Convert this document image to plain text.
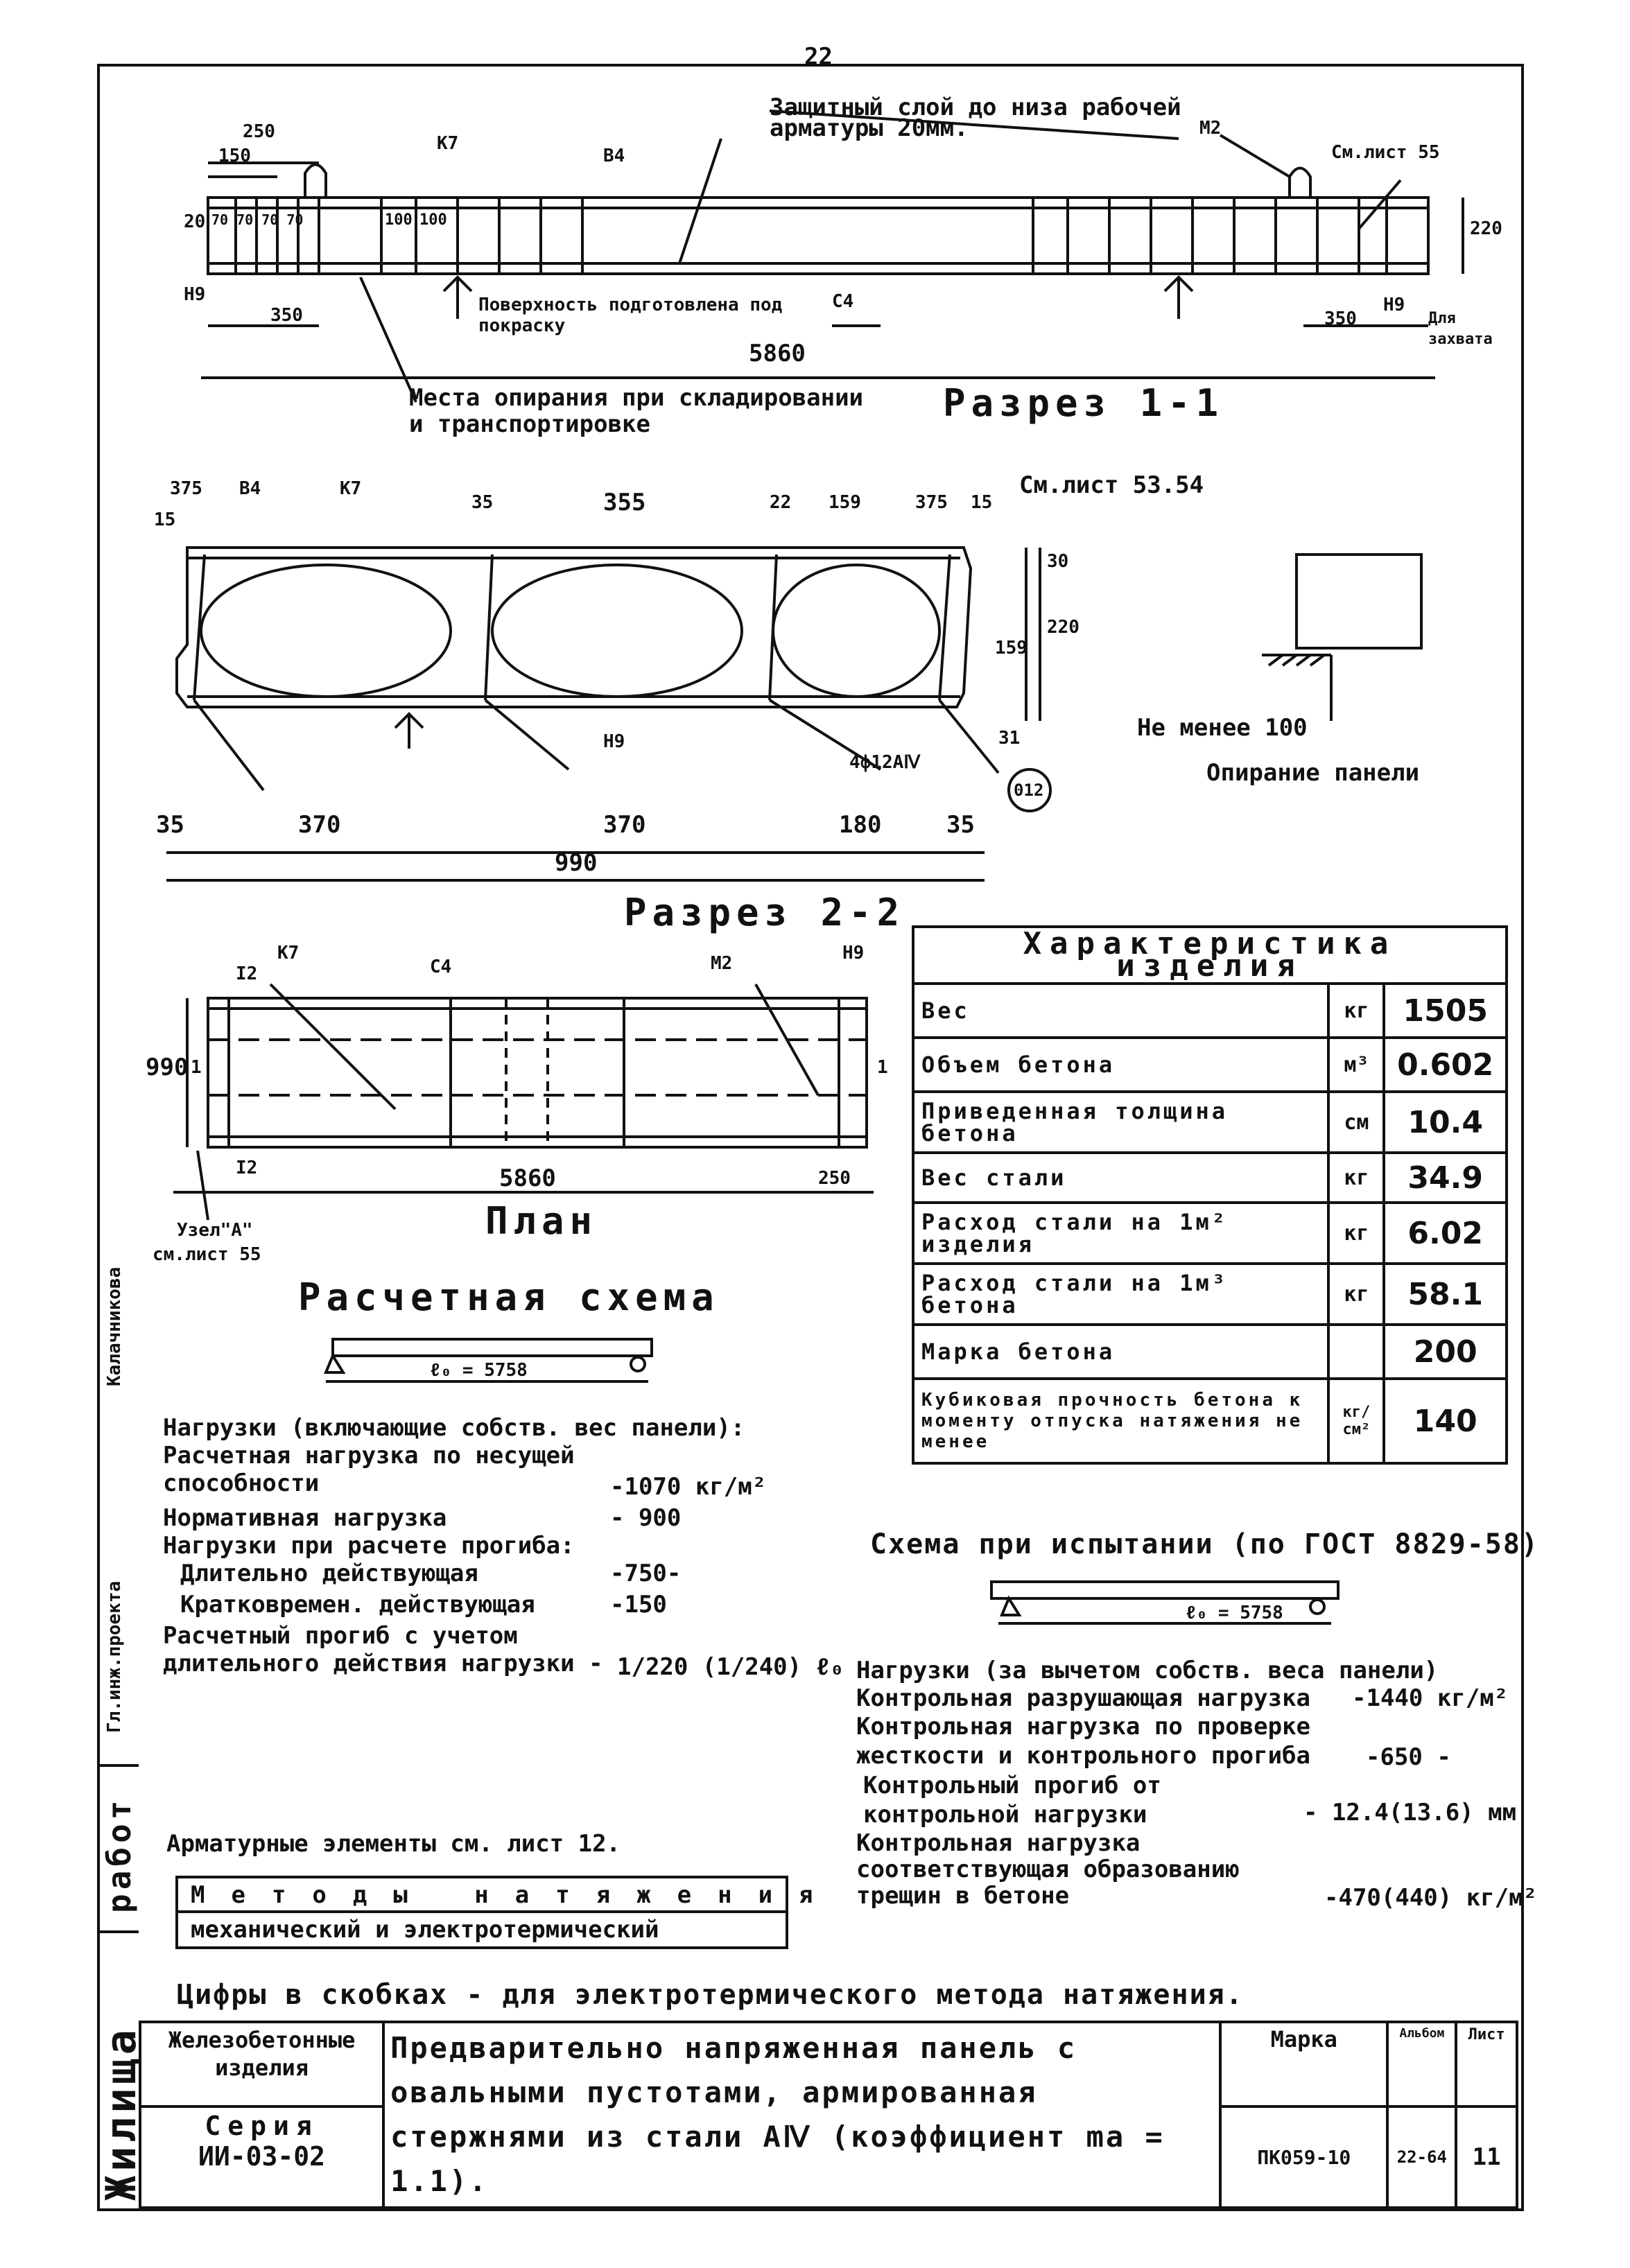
22
Жилища
работ
Гл.инж.проекта
Калачникова
250
150
К7
В4
Защитный слой до низа рабочей арматуры 20мм.	М2
См.лист 55
20 70 70 70 70	100 100	220
Н9
350	Поверхность подготовлена под покраску
С4
5860
350
Н9
Для захвата
Места опирания при складировании и транспортировке	Разрез 1-1
375
15
В4	К7
35	355	22 159	375 15
См.лист 53.54
30
159
220
31
Н9
4ф12АⅣ
012
35	370	370	180	35
990
Разрез 2-2
Не менее 100
Опирание панели
I2
К7
С4	М2	Н9
990 1	1
I2	5860	250
План
Узел"А"
см.лист 55
Характеристика изделия		
Вес	кг	1505
Объем бетона	м³	0.602
Приведенная толщина бетона	см	10.4
Вес стали	кг	34.9
Расход стали на 1м² изделия	кг	6.02
Расход стали на 1м³ бетона	кг	58.1
Марка бетона		200
Кубиковая прочность бетона к моменту отпуска натяжения не менее	кг/см²	140
Расчетная схема
ℓ₀ = 5758
Нагрузки (включающие собств. вес панели):
Расчетная нагрузка по несущей способности	-1070 кг/м²
Нормативная нагрузка	- 900
Нагрузки при расчете прогиба:
Длительно действующая	-750-
Кратковремен. действующая	-150
Расчетный прогиб с учетом длительного действия нагрузки - 1/220 (1/240) ℓ₀
Схема при испытании (по ГОСТ 8829-58)
ℓ₀ = 5758
Нагрузки (за вычетом собств. веса панели)
Контрольная разрушающая нагрузка -1440 кг/м²
Контрольная нагрузка по проверке жесткости и контрольного прогиба	-650 -
Контрольный прогиб от контрольной нагрузки	- 12.4(13.6) мм
Контрольная нагрузка соответствующая образованию трещин в бетоне	-470(440) кг/м²
Арматурные элементы см. лист 12.
Методы натяжения
механический и электротермический
Цифры в скобках - для электротермического метода натяжения.
Железобетонные изделия	Предварительно напряженная панель с овальными пустотами, армированная стержнями из стали АⅣ (коэффициент mа = 1.1).	Марка	Альбом	Лист

Серия
ИИ-03-02		ПК059-10	22-64	11
